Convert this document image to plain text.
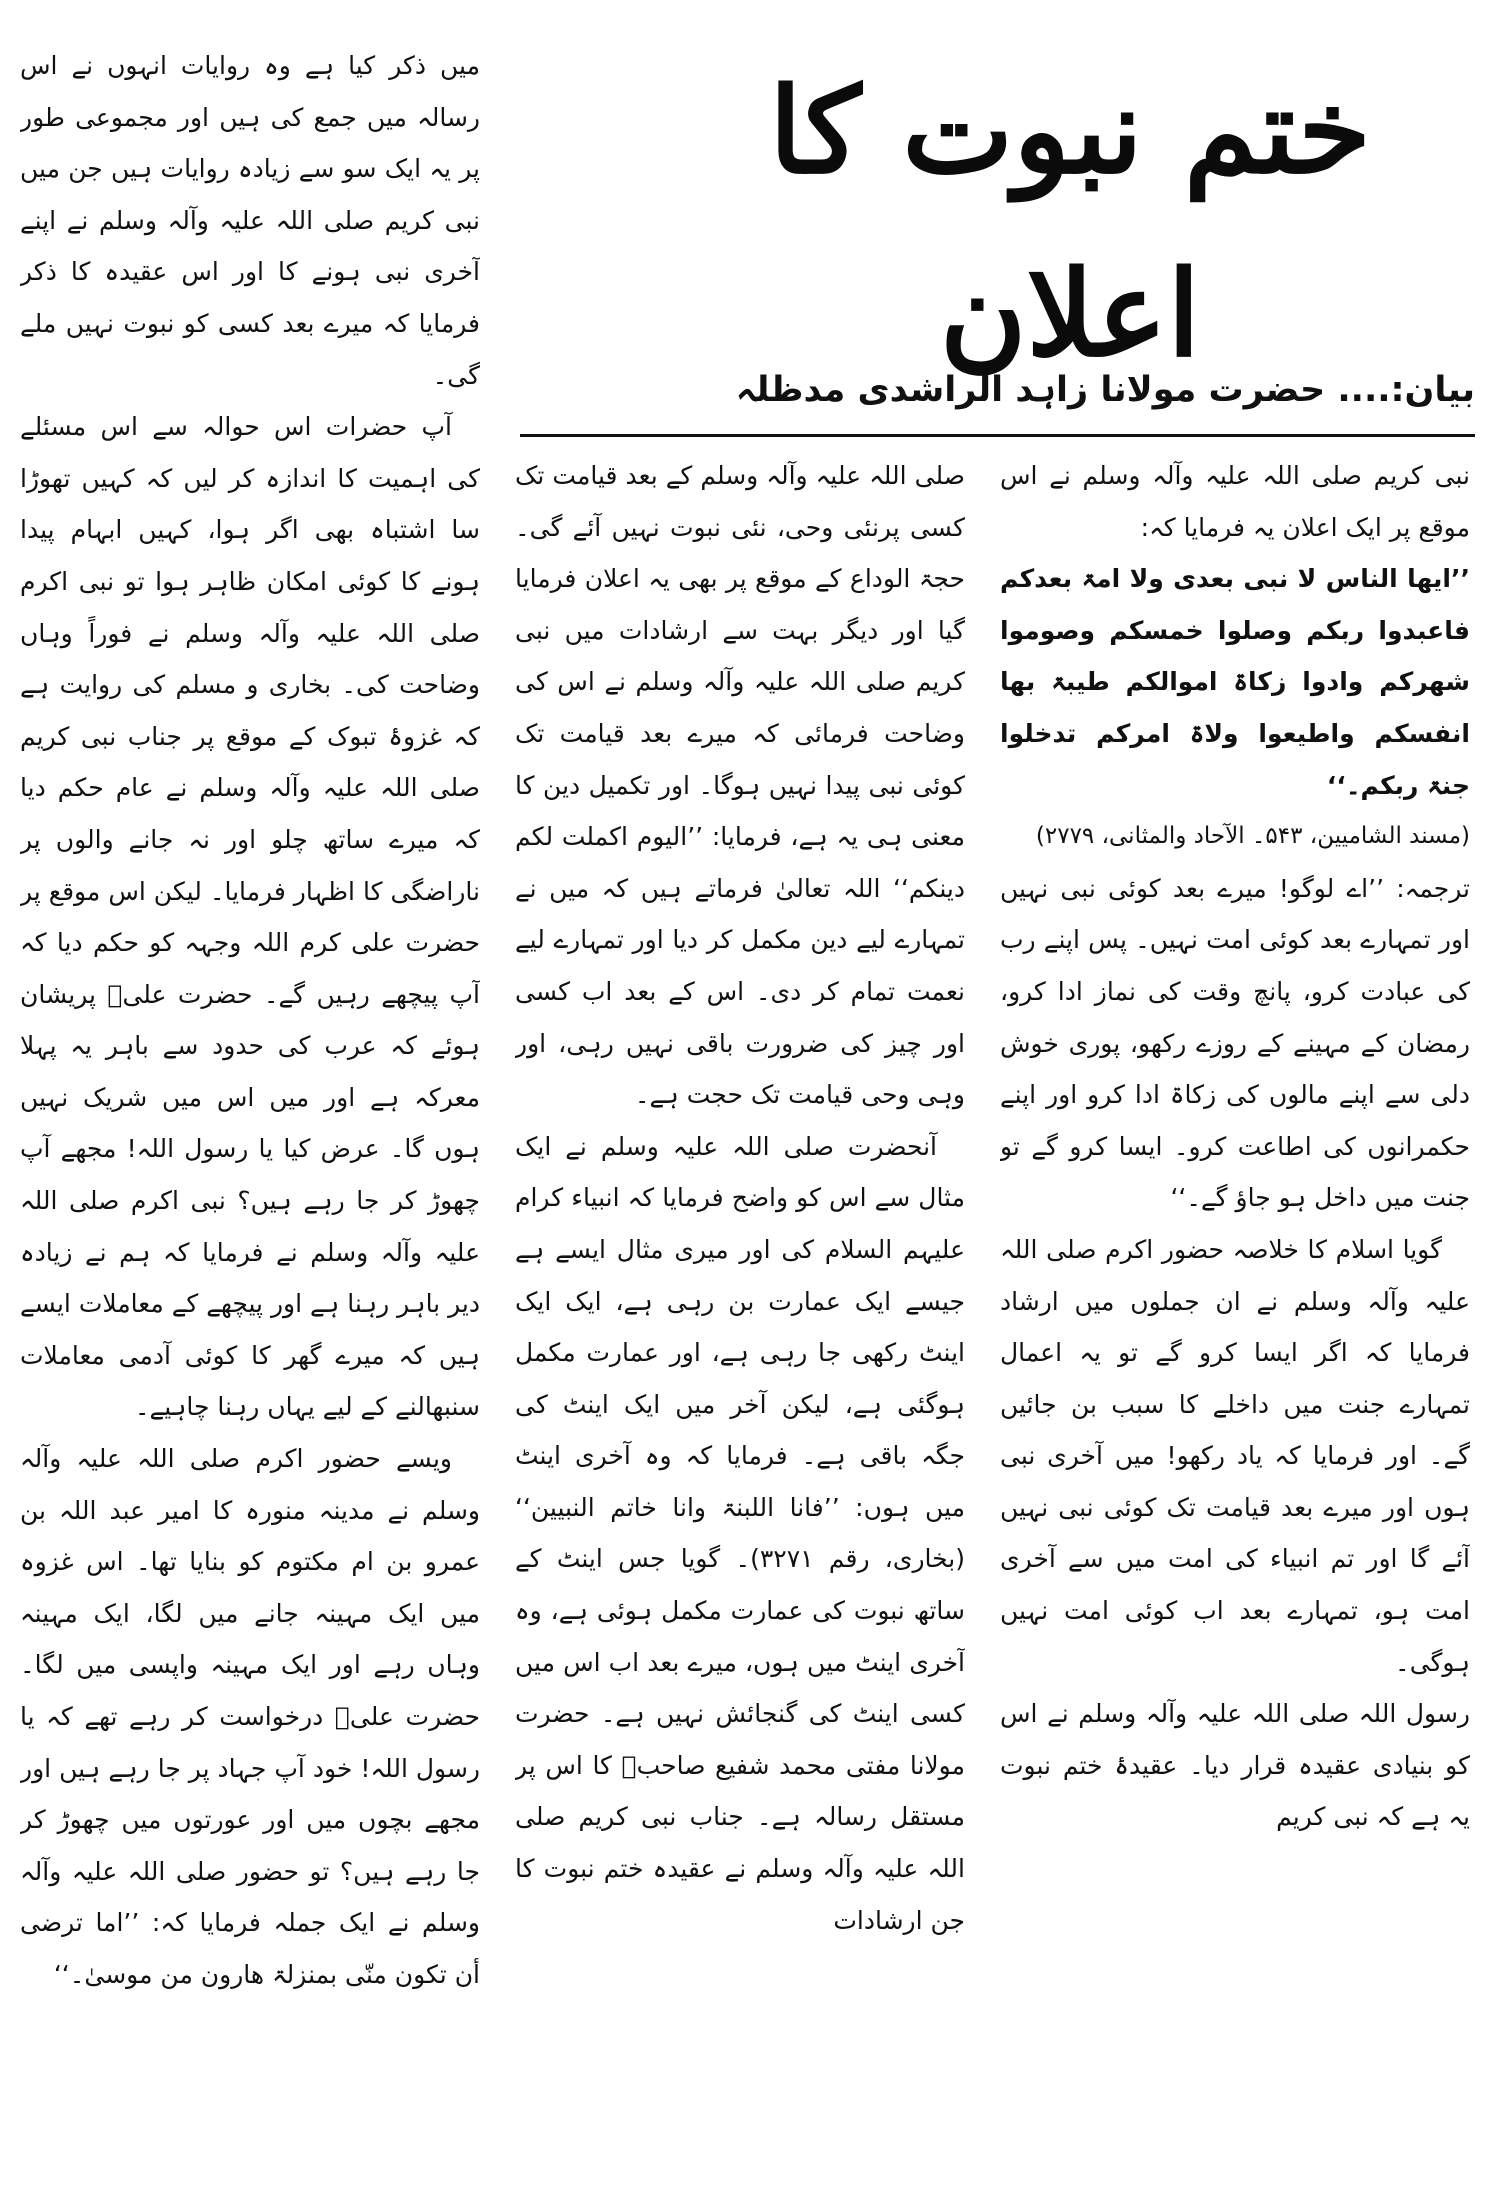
ختم نبوت کا اعلان
بیان:.... حضرت مولانا زاہد الراشدی مدظلہ

نبی کریم صلی اللہ علیہ وآلہ وسلم نے اس موقع پر ایک اعلان یہ فرمایا کہ:

’’ایھا الناس لا نبی بعدی ولا امۃ بعدکم فاعبدوا ربکم وصلوا خمسکم وصوموا شھرکم وادوا زکاۃ اموالکم طیبۃ بھا انفسکم واطیعوا ولاۃ امرکم تدخلوا جنۃ ربکم۔‘‘

(مسند الشامیین، ۵۴۳۔ الآحاد والمثانی، ۲۷۷۹)

ترجمہ: ’’اے لوگو! میرے بعد کوئی نبی نہیں اور تمہارے بعد کوئی امت نہیں۔ پس اپنے رب کی عبادت کرو، پانچ وقت کی نماز ادا کرو، رمضان کے مہینے کے روزے رکھو، پوری خوش دلی سے اپنے مالوں کی زکاۃ ادا کرو اور اپنے حکمرانوں کی اطاعت کرو۔ ایسا کرو گے تو جنت میں داخل ہو جاؤ گے۔‘‘

گویا اسلام کا خلاصہ حضور اکرم صلی اللہ علیہ وآلہ وسلم نے ان جملوں میں ارشاد فرمایا کہ اگر ایسا کرو گے تو یہ اعمال تمہارے جنت میں داخلے کا سبب بن جائیں گے۔ اور فرمایا کہ یاد رکھو! میں آخری نبی ہوں اور میرے بعد قیامت تک کوئی نبی نہیں آئے گا اور تم انبیاء کی امت میں سے آخری امت ہو، تمہارے بعد اب کوئی امت نہیں ہوگی۔

رسول اللہ صلی اللہ علیہ وآلہ وسلم نے اس کو بنیادی عقیدہ قرار دیا۔ عقیدۂ ختم نبوت یہ ہے کہ نبی کریم

صلی اللہ علیہ وآلہ وسلم کے بعد قیامت تک کسی پرنئی وحی، نئی نبوت نہیں آئے گی۔ حجۃ الوداع کے موقع پر بھی یہ اعلان فرمایا گیا اور دیگر بہت سے ارشادات میں نبی کریم صلی اللہ علیہ وآلہ وسلم نے اس کی وضاحت فرمائی کہ میرے بعد قیامت تک کوئی نبی پیدا نہیں ہوگا۔ اور تکمیل دین کا معنی ہی یہ ہے، فرمایا: ’’الیوم اکملت لکم دینکم‘‘ اللہ تعالیٰ فرماتے ہیں کہ میں نے تمہارے لیے دین مکمل کر دیا اور تمہارے لیے نعمت تمام کر دی۔ اس کے بعد اب کسی اور چیز کی ضرورت باقی نہیں رہی، اور وہی وحی قیامت تک حجت ہے۔

آنحضرت صلی اللہ علیہ وسلم نے ایک مثال سے اس کو واضح فرمایا کہ انبیاء کرام علیہم السلام کی اور میری مثال ایسے ہے جیسے ایک عمارت بن رہی ہے، ایک ایک اینٹ رکھی جا رہی ہے، اور عمارت مکمل ہوگئی ہے، لیکن آخر میں ایک اینٹ کی جگہ باقی ہے۔ فرمایا کہ وہ آخری اینٹ میں ہوں: ’’فانا اللبنۃ وانا خاتم النبیین‘‘ (بخاری، رقم ۳۲۷۱)۔ گویا جس اینٹ کے ساتھ نبوت کی عمارت مکمل ہوئی ہے، وہ آخری اینٹ میں ہوں، میرے بعد اب اس میں کسی اینٹ کی گنجائش نہیں ہے۔ حضرت مولانا مفتی محمد شفیع صاحبؒ کا اس پر مستقل رسالہ ہے۔ جناب نبی کریم صلی اللہ علیہ وآلہ وسلم نے عقیدہ ختم نبوت کا جن ارشادات

میں ذکر کیا ہے وہ روایات انہوں نے اس رسالہ میں جمع کی ہیں اور مجموعی طور پر یہ ایک سو سے زیادہ روایات ہیں جن میں نبی کریم صلی اللہ علیہ وآلہ وسلم نے اپنے آخری نبی ہونے کا اور اس عقیدہ کا ذکر فرمایا کہ میرے بعد کسی کو نبوت نہیں ملے گی۔

آپ حضرات اس حوالہ سے اس مسئلے کی اہمیت کا اندازہ کر لیں کہ کہیں تھوڑا سا اشتباہ بھی اگر ہوا، کہیں ابہام پیدا ہونے کا کوئی امکان ظاہر ہوا تو نبی اکرم صلی اللہ علیہ وآلہ وسلم نے فوراً وہاں وضاحت کی۔ بخاری و مسلم کی روایت ہے کہ غزوۂ تبوک کے موقع پر جناب نبی کریم صلی اللہ علیہ وآلہ وسلم نے عام حکم دیا کہ میرے ساتھ چلو اور نہ جانے والوں پر ناراضگی کا اظہار فرمایا۔ لیکن اس موقع پر حضرت علی کرم اللہ وجہہ کو حکم دیا کہ آپ پیچھے رہیں گے۔ حضرت علیؓ پریشان ہوئے کہ عرب کی حدود سے باہر یہ پہلا معرکہ ہے اور میں اس میں شریک نہیں ہوں گا۔ عرض کیا یا رسول اللہ! مجھے آپ چھوڑ کر جا رہے ہیں؟ نبی اکرم صلی اللہ علیہ وآلہ وسلم نے فرمایا کہ ہم نے زیادہ دیر باہر رہنا ہے اور پیچھے کے معاملات ایسے ہیں کہ میرے گھر کا کوئی آدمی معاملات سنبھالنے کے لیے یہاں رہنا چاہیے۔

ویسے حضور اکرم صلی اللہ علیہ وآلہ وسلم نے مدینہ منورہ کا امیر عبد اللہ بن عمرو بن ام مکتوم کو بنایا تھا۔ اس غزوہ میں ایک مہینہ جانے میں لگا، ایک مہینہ وہاں رہے اور ایک مہینہ واپسی میں لگا۔ حضرت علیؓ درخواست کر رہے تھے کہ یا رسول اللہ! خود آپ جہاد پر جا رہے ہیں اور مجھے بچوں میں اور عورتوں میں چھوڑ کر جا رہے ہیں؟ تو حضور صلی اللہ علیہ وآلہ وسلم نے ایک جملہ فرمایا کہ: ’’اما ترضی أن تکون منّی بمنزلۃ ھارون من موسیٰ۔‘‘
